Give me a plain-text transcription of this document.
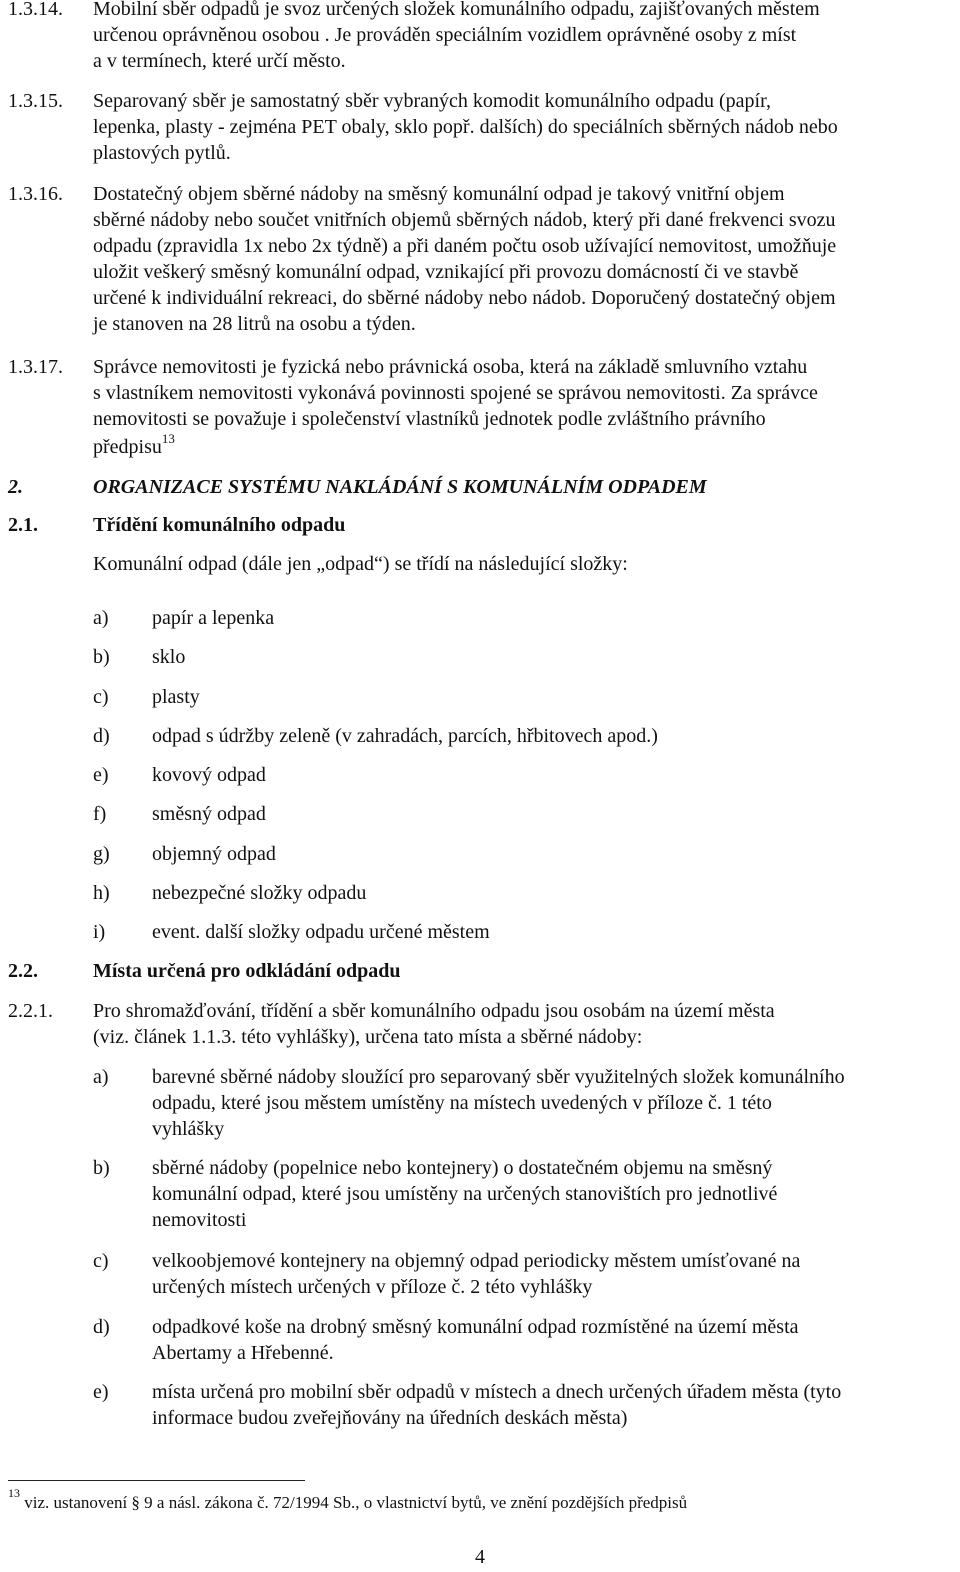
1.3.14. Mobilní sběr odpadů je svoz určených složek komunálního odpadu, zajišťovaných městem
určenou oprávněnou osobou . Je prováděn speciálním vozidlem oprávněné osoby z míst
a v termínech, které určí město.
1.3.15. Separovaný sběr je samostatný sběr vybraných komodit komunálního odpadu (papír,
lepenka, plasty - zejména PET obaly, sklo popř. dalších) do speciálních sběrných nádob nebo
plastových pytlů.
1.3.16. Dostatečný objem sběrné nádoby na směsný komunální odpad je takový vnitřní objem
sběrné nádoby nebo součet vnitřních objemů sběrných nádob, který při dané frekvenci svozu
odpadu (zpravidla 1x nebo 2x týdně) a při daném počtu osob užívající nemovitost, umožňuje
uložit veškerý směsný komunální odpad, vznikající při provozu domácností či ve stavbě
určené k individuální rekreaci, do sběrné nádoby nebo nádob. Doporučený dostatečný objem
je stanoven na 28 litrů na osobu a týden.
1.3.17. Správce nemovitosti je fyzická nebo právnická osoba, která na základě smluvního vztahu
s vlastníkem nemovitosti vykonává povinnosti spojené se správou nemovitosti. Za správce
nemovitosti se považuje i společenství vlastníků jednotek podle zvláštního právního
předpisu$^{13}$
2.	ORGANIZACE SYSTÉMU NAKLÁDÁNÍ S KOMUNÁLNÍM ODPADEM
2.1.	Třídění komunálního odpadu
Komunální odpad (dále jen „odpad“) se třídí na následující složky:
a) papír a lepenka
b) sklo
c) plasty
d) odpad s údržby zeleně (v zahradách, parcích, hřbitovech apod.)
e) kovový odpad
f) směsný odpad
g) objemný odpad
h) nebezpečné složky odpadu
i) event. další složky odpadu určené městem
2.2.	Místa určená pro odkládání odpadu
2.2.1. Pro shromažďování, třídění a sběr komunálního odpadu jsou osobám na území města
(viz. článek 1.1.3. této vyhlášky), určena tato místa a sběrné nádoby:
a) barevné sběrné nádoby sloužící pro separovaný sběr využitelných složek komunálního
odpadu, které jsou městem umístěny na místech uvedených v příloze č. 1 této
vyhlášky
b) sběrné nádoby (popelnice nebo kontejnery) o dostatečném objemu na směsný
komunální odpad, které jsou umístěny na určených stanovištích pro jednotlivé
nemovitosti
c) velkoobjemové kontejnery na objemný odpad periodicky městem umísťované na
určených místech určených v příloze č. 2 této vyhlášky
d) odpadkové koše na drobný směsný komunální odpad rozmístěné na území města
Abertamy a Hřebenné.
e) místa určená pro mobilní sběr odpadů v místech a dnech určených úřadem města (tyto
informace budou zveřejňovány na úředních deskách města)
$^{13}$ viz. ustanovení § 9 a násl. zákona č. 72/1994 Sb., o vlastnictví bytů, ve znění pozdějších předpisů
4
